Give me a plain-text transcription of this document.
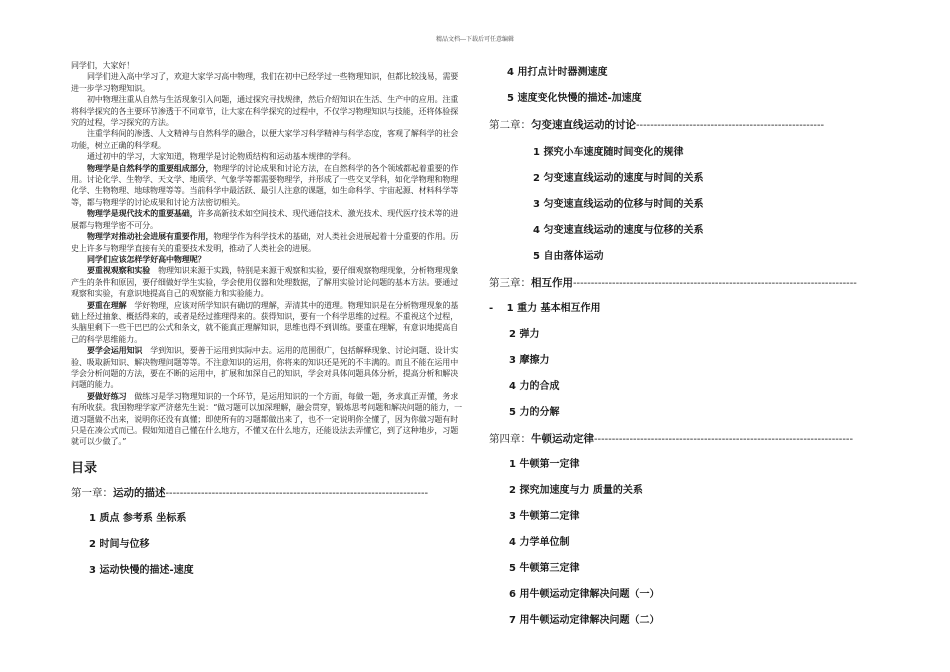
精品文档---下载后可任意编辑

同学们，大家好！

同学们进入高中学习了，欢迎大家学习高中物理，我们在初中已经学过一些物理知识，但都比较浅易，需要进一步学习物理知识。

初中物理注重从自然与生活现象引入问题，通过探究寻找规律，然后介绍知识在生活、生产中的应用。注重将科学探究的各主要环节渗透于不同章节，让大家在科学探究的过程中，不仅学习物理知识与技能，还将体验探究的过程，学习探究的方法。

注重学科间的渗透、人文精神与自然科学的融合，以便大家学习科学精神与科学态度，客观了解科学的社会功能，树立正确的科学观。

通过初中的学习，大家知道，物理学是讨论物质结构和运动基本规律的学科。

物理学是自然科学的重要组成部分，物理学的讨论成果和讨论方法，在自然科学的各个领域都起着重要的作用。讨论化学、生物学、天文学、地质学、气象学等都需要物理学，并形成了一些交叉学科，如化学物理和物理化学、生物物理、地球物理等等。当前科学中最活跃、最引人注意的课题，如生命科学、宇宙起源、材料科学等等，都与物理学的讨论成果和讨论方法密切相关。

物理学是现代技术的重要基础，许多高新技术如空间技术、现代通信技术、激光技术、现代医疗技术等的进展都与物理学密不可分。

物理学对推动社会进展有重要作用，物理学作为科学技术的基础，对人类社会进展起着十分重要的作用。历史上许多与物理学直接有关的重要技术发明，推动了人类社会的进展。

同学们应该怎样学好高中物理呢？

要重视观察和实验　物理知识来源于实践，特别是来源于观察和实验，要仔细观察物理现象，分析物理现象产生的条件和原因，要仔细做好学生实验，学会使用仪器和处理数据，了解用实验讨论问题的基本方法。要通过观察和实验，有意识地提高自己的观察能力和实验能力。

要重在理解　学好物理，应该对所学知识有确切的理解，弄清其中的道理。物理知识是在分析物理现象的基础上经过抽象、概括得来的，或者是经过推理得来的。获得知识，要有一个科学思维的过程。不重视这个过程，头脑里剩下一些干巴巴的公式和条文，就不能真正理解知识，思维也得不到训练。要重在理解，有意识地提高自己的科学思维能力。

要学会运用知识　学到知识，要善于运用到实际中去。运用的范围很广，包括解释现象、讨论问题、设计实验、吸取新知识、解决物理问题等等。不注意知识的运用，你将来的知识还是死的不丰满的。而且不能在运用中学会分析问题的方法，要在不断的运用中，扩展和加深自己的知识，学会对具体问题具体分析，提高分析和解决问题的能力。

要做好练习　做练习是学习物理知识的一个环节，是运用知识的一个方面，每做一题，务求真正弄懂，务求有所收获。我国物理学家严济慈先生说：“做习题可以加深理解，融会贯穿，锻炼思考问题和解决问题的能力，一道习题做不出来，说明你还没有真懂；即使所有的习题都做出来了，也不一定说明你全懂了，因为你做习题有时只是在凑公式而已。假如知道自己懂在什么地方，不懂又在什么地方，还能设法去弄懂它，到了这种地步，习题就可以少做了。”

目录

第一章：运动的描述--------------------------------------------------------------------------

1 质点 参考系 坐标系

2 时间与位移

3 运动快慢的描述-速度

4 用打点计时器测速度

5 速度变化快慢的描述-加速度

第二章：匀变速直线运动的讨论-----------------------------------------------------

1 探究小车速度随时间变化的规律

2 匀变速直线运动的速度与时间的关系

3 匀变速直线运动的位移与时间的关系

4 匀变速直线运动的速度与位移的关系

5 自由落体运动

第三章：相互作用--------------------------------------------------------------------------------

-　 1 重力 基本相互作用

2 弹力

3 摩擦力

4 力的合成

5 力的分解

第四章：牛顿运动定律-------------------------------------------------------------------------

1 牛顿第一定律

2 探究加速度与力 质量的关系

3 牛顿第二定律

4 力学单位制

5 牛顿第三定律

6 用牛顿运动定律解决问题（一）

7 用牛顿运动定律解决问题（二）
